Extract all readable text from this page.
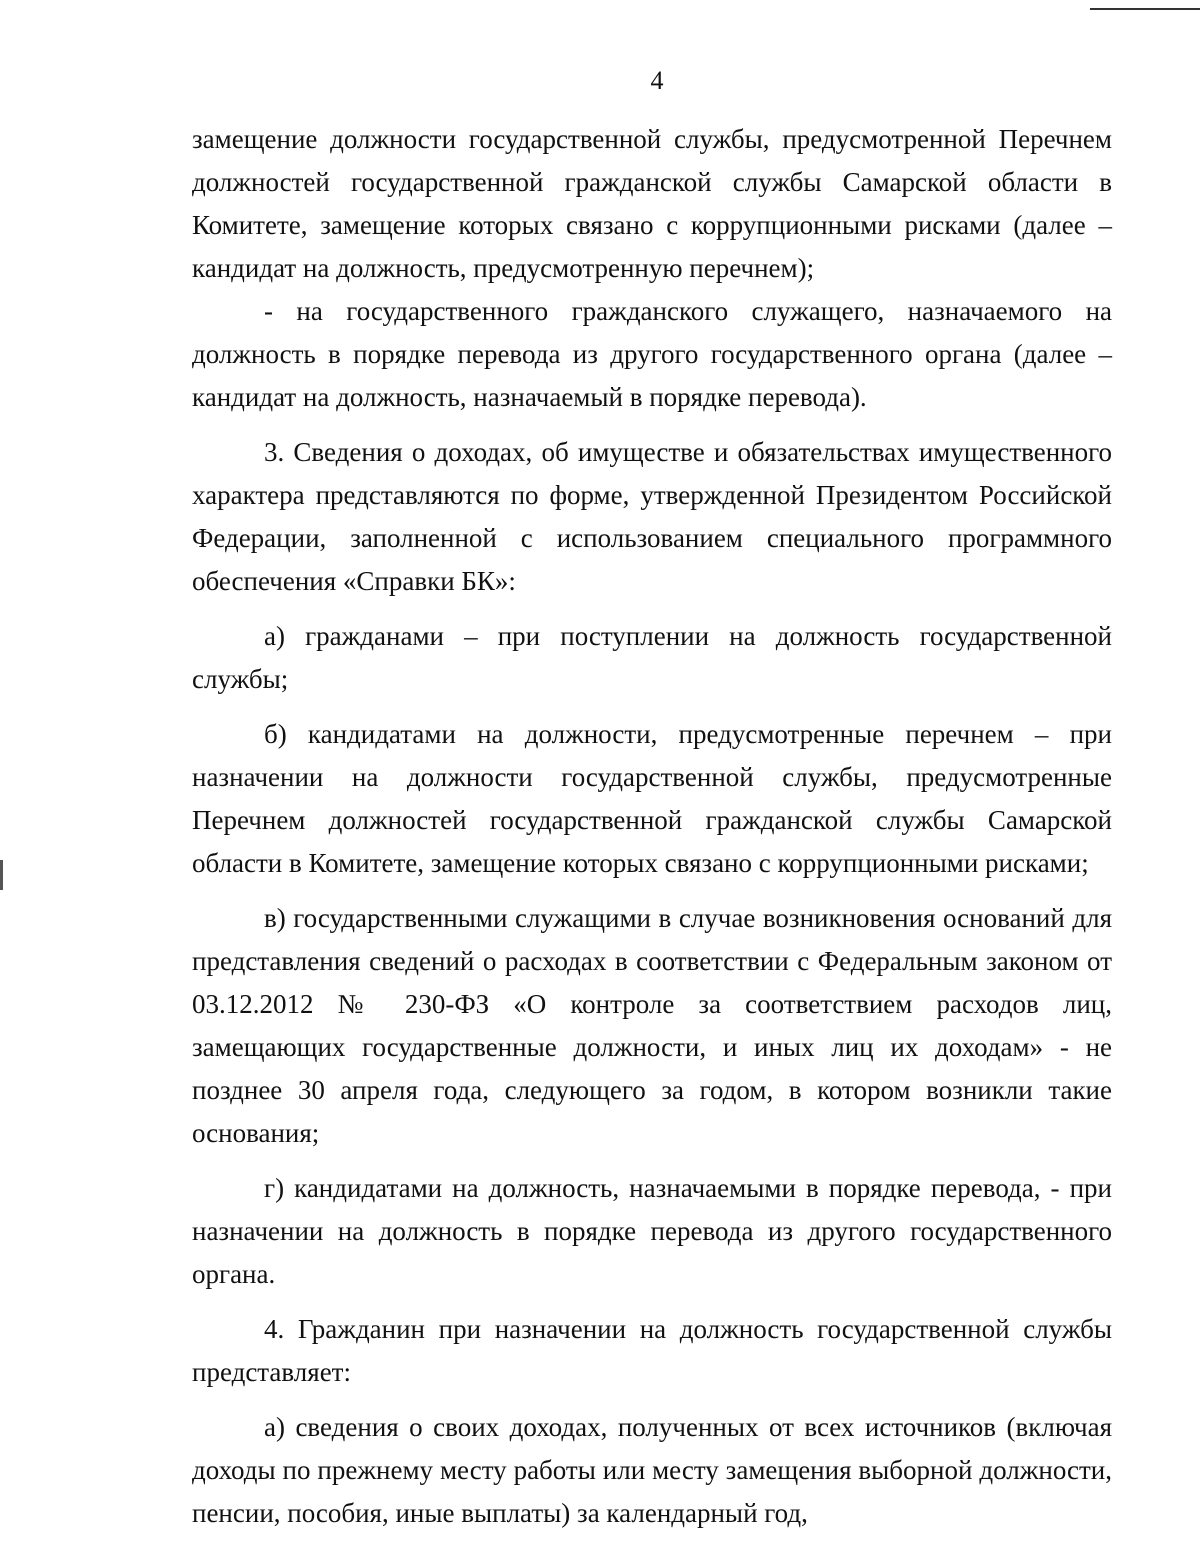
4

замещение должности государственной службы, предусмотренной Перечнем должностей государственной гражданской службы Самарской области в Комитете, замещение которых связано с коррупционными рисками (далее – кандидат на должность, предусмотренную перечнем);

- на государственного гражданского служащего, назначаемого на должность в порядке перевода из другого государственного органа (далее – кандидат на должность, назначаемый в порядке перевода).

3. Сведения о доходах, об имуществе и обязательствах имущественного характера представляются по форме, утвержденной Президентом Российской Федерации, заполненной с использованием специального программного обеспечения «Справки БК»:

а) гражданами – при поступлении на должность государственной службы;

б) кандидатами на должности, предусмотренные перечнем – при назначении на должности государственной службы, предусмотренные Перечнем должностей государственной гражданской службы Самарской области в Комитете, замещение которых связано с коррупционными рисками;

в) государственными служащими в случае возникновения оснований для представления сведений о расходах в соответствии с Федеральным законом от 03.12.2012 № 230-ФЗ «О контроле за соответствием расходов лиц, замещающих государственные должности, и иных лиц их доходам» - не позднее 30 апреля года, следующего за годом, в котором возникли такие основания;

г) кандидатами на должность, назначаемыми в порядке перевода, - при назначении на должность в порядке перевода из другого государственного органа.

4. Гражданин при назначении на должность государственной службы представляет:

а) сведения о своих доходах, полученных от всех источников (включая доходы по прежнему месту работы или месту замещения выборной должности, пенсии, пособия, иные выплаты) за календарный год,
